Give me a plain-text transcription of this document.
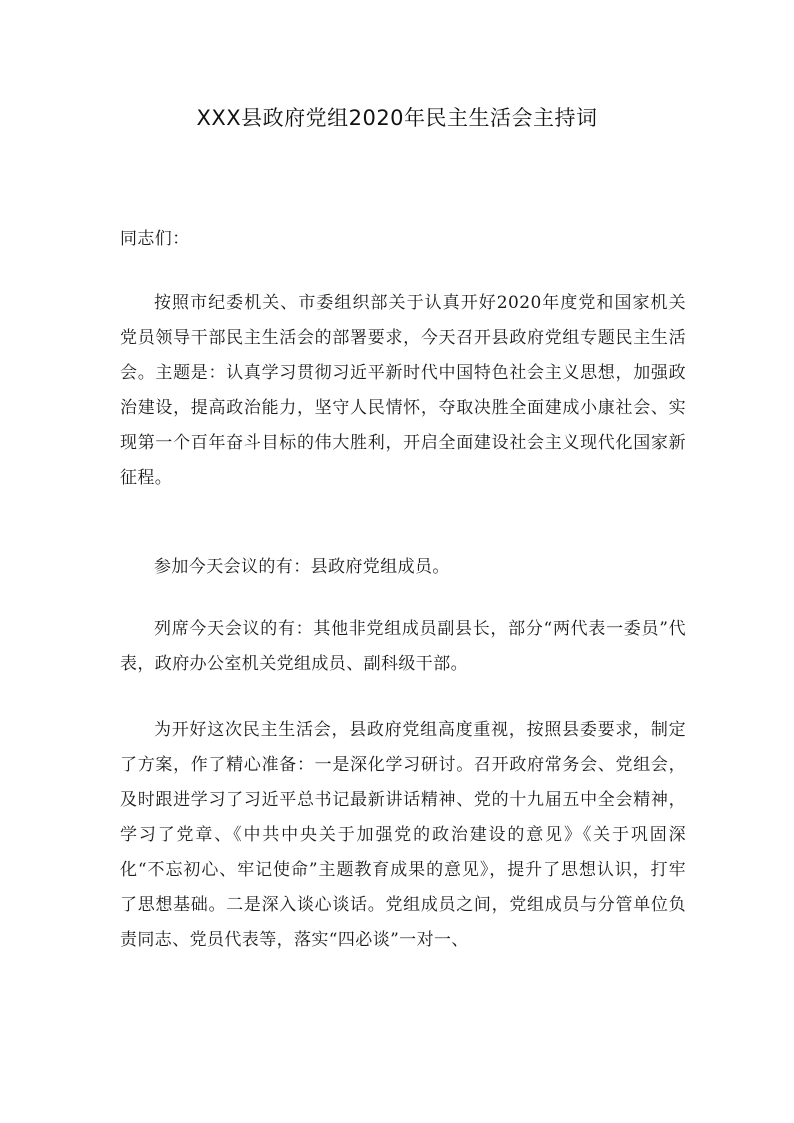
XXX县政府党组2020年民主生活会主持词

同志们：

按照市纪委机关、市委组织部关于认真开好2020年度党和国家机关党员领导干部民主生活会的部署要求，今天召开县政府党组专题民主生活会。主题是：认真学习贯彻习近平新时代中国特色社会主义思想，加强政治建设，提高政治能力，坚守人民情怀，夺取决胜全面建成小康社会、实现第一个百年奋斗目标的伟大胜利，开启全面建设社会主义现代化国家新征程。

参加今天会议的有：县政府党组成员。

列席今天会议的有：其他非党组成员副县长，部分“两代表一委员”代表，政府办公室机关党组成员、副科级干部。

为开好这次民主生活会，县政府党组高度重视，按照县委要求，制定了方案，作了精心准备：一是深化学习研讨。召开政府常务会、党组会，及时跟进学习了习近平总书记最新讲话精神、党的十九届五中全会精神，学习了党章、《中共中央关于加强党的政治建设的意见》《关于巩固深化“不忘初心、牢记使命”主题教育成果的意见》，提升了思想认识，打牢了思想基础。二是深入谈心谈话。党组成员之间，党组成员与分管单位负责同志、党员代表等，落实“四必谈”一对一、
